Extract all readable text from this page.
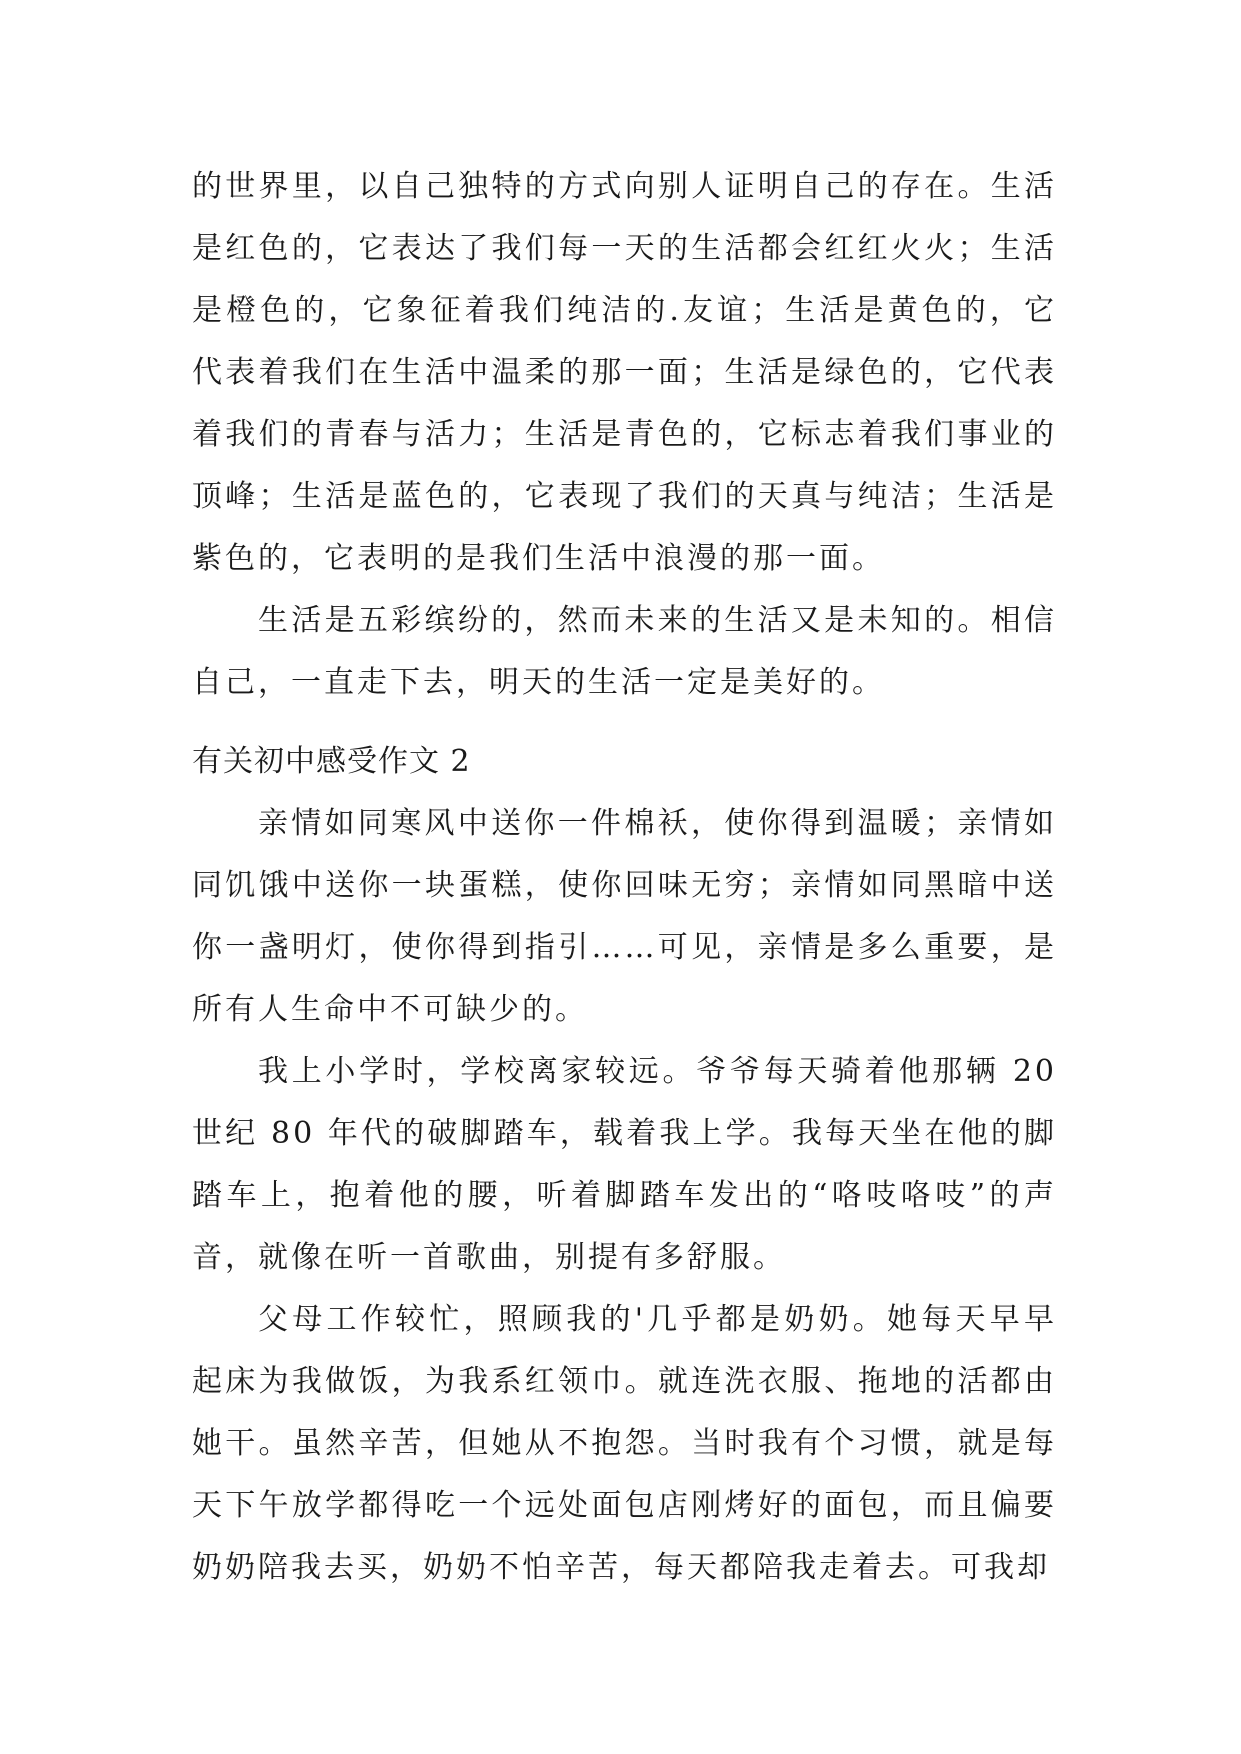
的世界里，以自己独特的方式向别人证明自己的存在。生活是红色的，它表达了我们每一天的生活都会红红火火；生活是橙色的，它象征着我们纯洁的.友谊；生活是黄色的，它代表着我们在生活中温柔的那一面；生活是绿色的，它代表着我们的青春与活力；生活是青色的，它标志着我们事业的顶峰；生活是蓝色的，它表现了我们的天真与纯洁；生活是紫色的，它表明的是我们生活中浪漫的那一面。

生活是五彩缤纷的，然而未来的生活又是未知的。相信自己，一直走下去，明天的生活一定是美好的。

有关初中感受作文 2

亲情如同寒风中送你一件棉袄，使你得到温暖；亲情如同饥饿中送你一块蛋糕，使你回味无穷；亲情如同黑暗中送你一盏明灯，使你得到指引……可见，亲情是多么重要，是所有人生命中不可缺少的。

我上小学时，学校离家较远。爷爷每天骑着他那辆 20 世纪 80 年代的破脚踏车，载着我上学。我每天坐在他的脚踏车上，抱着他的腰，听着脚踏车发出的“咯吱咯吱”的声音，就像在听一首歌曲，别提有多舒服。

父母工作较忙，照顾我的'几乎都是奶奶。她每天早早起床为我做饭，为我系红领巾。就连洗衣服、拖地的活都由她干。虽然辛苦，但她从不抱怨。当时我有个习惯，就是每天下午放学都得吃一个远处面包店刚烤好的面包，而且偏要奶奶陪我去买，奶奶不怕辛苦，每天都陪我走着去。可我却
